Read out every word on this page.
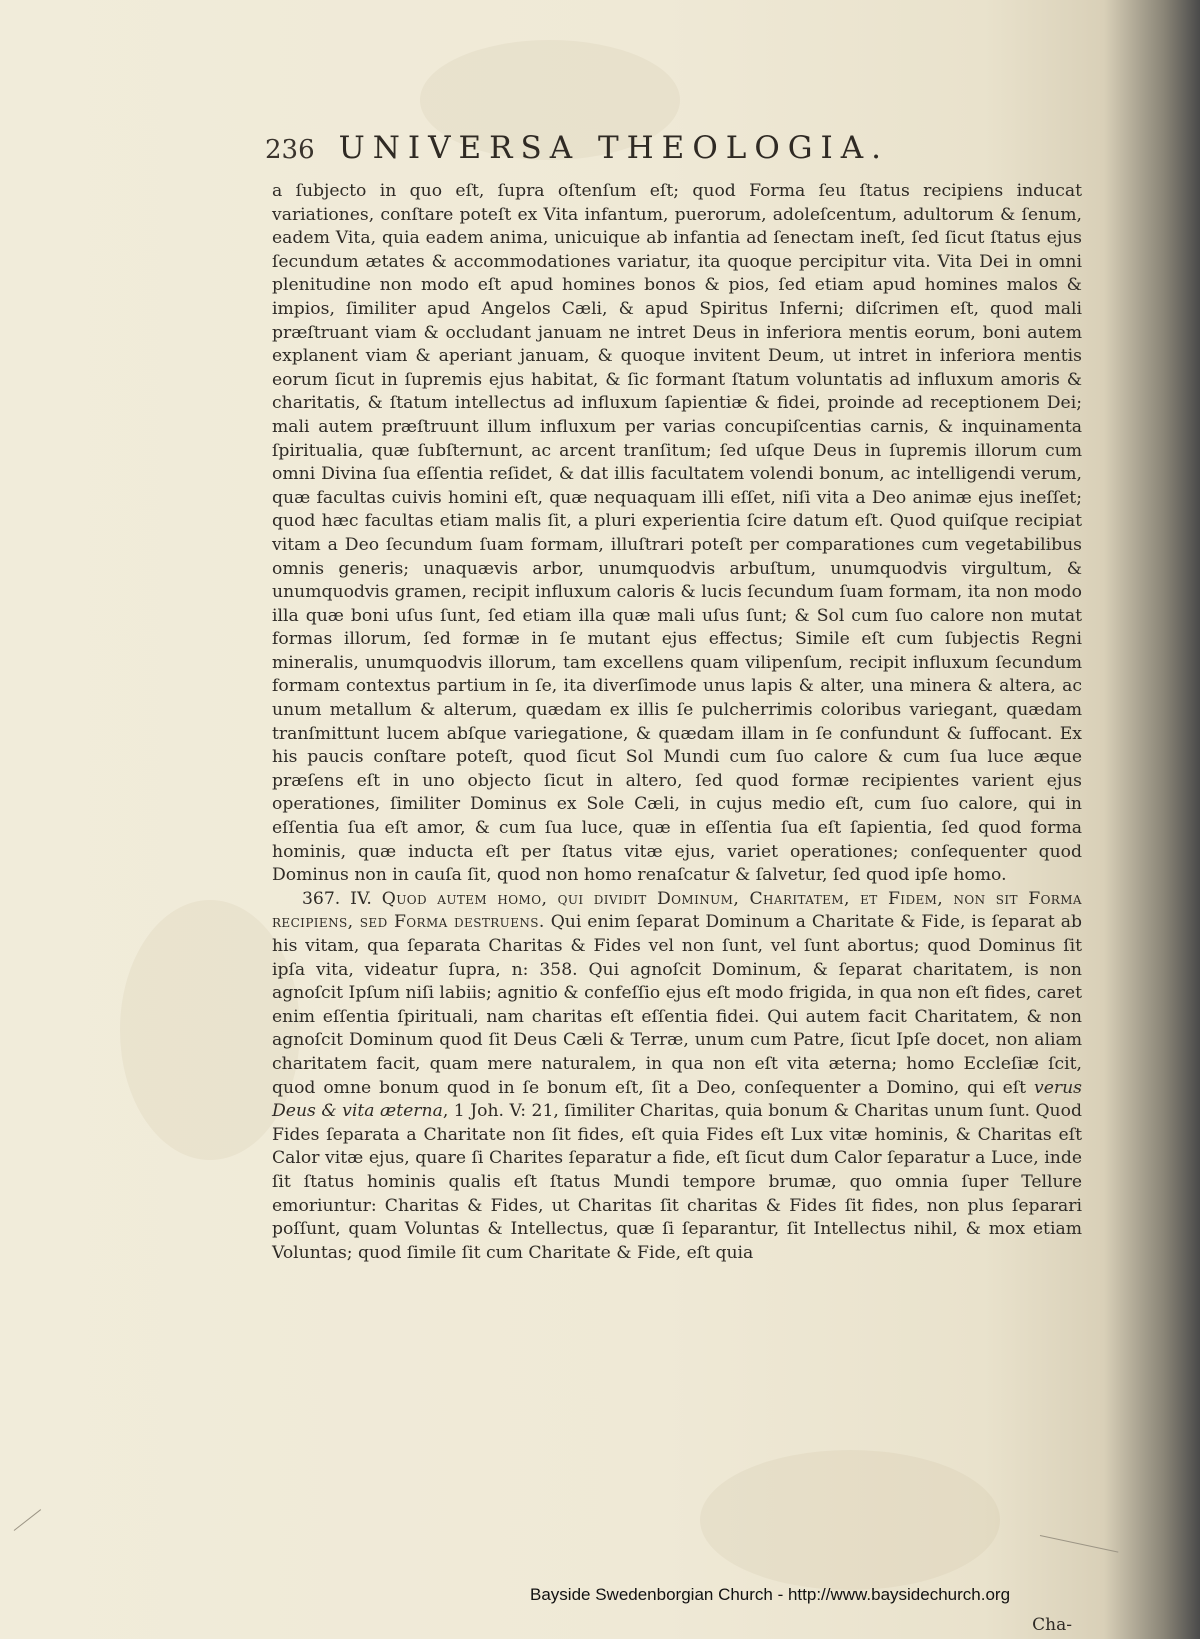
236 UNIVERSA THEOLOGIA.

a ſubjecto in quo eſt, ſupra oſtenſum eſt; quod Forma ſeu ſtatus recipiens inducat variationes, conſtare poteſt ex Vita infantum, puerorum, adoleſcentum, adultorum & ſenum, eadem Vita, quia eadem anima, unicuique ab infantia ad ſenectam ineſt, ſed ſicut ſtatus ejus ſecundum ætates & accommodationes variatur, ita quoque percipitur vita. Vita Dei in omni plenitudine non modo eſt apud homines bonos & pios, ſed etiam apud homines malos & impios, ſimiliter apud Angelos Cæli, & apud Spiritus Inferni; diſcrimen eſt, quod mali præſtruant viam & occludant januam ne intret Deus in inferiora mentis eorum, boni autem explanent viam & aperiant januam, & quoque invitent Deum, ut intret in inferiora mentis eorum ſicut in ſupremis ejus habitat, & ſic formant ſtatum voluntatis ad influxum amoris & charitatis, & ſtatum intellectus ad influxum ſapientiæ & fidei, proinde ad receptionem Dei; mali autem præſtruunt illum influxum per varias concupiſcentias carnis, & inquinamenta ſpiritualia, quæ ſubſternunt, ac arcent tranſitum; ſed uſque Deus in ſupremis illorum cum omni Divina ſua eſſentia reſidet, & dat illis facultatem volendi bonum, ac intelligendi verum, quæ facultas cuivis homini eſt, quæ nequaquam illi eſſet, niſi vita a Deo animæ ejus ineſſet; quod hæc facultas etiam malis ſit, a pluri experientia ſcire datum eſt. Quod quiſque recipiat vitam a Deo ſecundum ſuam formam, illuſtrari poteſt per comparationes cum vegetabilibus omnis generis; unaquævis arbor, unumquodvis arbuſtum, unumquodvis virgultum, & unumquodvis gramen, recipit influxum caloris & lucis ſecundum ſuam formam, ita non modo illa quæ boni uſus ſunt, ſed etiam illa quæ mali uſus ſunt; & Sol cum ſuo calore non mutat formas illorum, ſed formæ in ſe mutant ejus effectus; Simile eſt cum ſubjectis Regni mineralis, unumquodvis illorum, tam excellens quam vilipenſum, recipit influxum ſecundum formam contextus partium in ſe, ita diverſimode unus lapis & alter, una minera & altera, ac unum metallum & alterum, quædam ex illis ſe pulcherrimis coloribus variegant, quædam tranſmittunt lucem abſque variegatione, & quædam illam in ſe confundunt & ſuffocant. Ex his paucis conſtare poteſt, quod ſicut Sol Mundi cum ſuo calore & cum ſua luce æque præſens eſt in uno objecto ſicut in altero, ſed quod formæ recipientes varient ejus operationes, ſimiliter Dominus ex Sole Cæli, in cujus medio eſt, cum ſuo calore, qui in eſſentia ſua eſt amor, & cum ſua luce, quæ in eſſentia ſua eſt ſapientia, ſed quod forma hominis, quæ inducta eſt per ſtatus vitæ ejus, variet operationes; conſequenter quod Dominus non in cauſa ſit, quod non homo renaſcatur & ſalvetur, ſed quod ipſe homo.

367. IV. Quod autem homo, qui dividit Dominum, Charitatem, et Fidem, non sit Forma recipiens, sed Forma destruens. Qui enim ſeparat Dominum a Charitate & Fide, is ſeparat ab his vitam, qua ſeparata Charitas & Fides vel non ſunt, vel ſunt abortus; quod Dominus ſit ipſa vita, videatur ſupra, n: 358. Qui agnoſcit Dominum, & ſeparat charitatem, is non agnoſcit Ipſum niſi labiis; agnitio & confeſſio ejus eſt modo frigida, in qua non eſt fides, caret enim eſſentia ſpirituali, nam charitas eſt eſſentia fidei. Qui autem facit Charitatem, & non agnoſcit Dominum quod ſit Deus Cæli & Terræ, unum cum Patre, ſicut Ipſe docet, non aliam charitatem facit, quam mere naturalem, in qua non eſt vita æterna; homo Eccleſiæ ſcit, quod omne bonum quod in ſe bonum eſt, ſit a Deo, conſequenter a Domino, qui eſt verus Deus & vita æterna, 1 Joh. V: 21, ſimiliter Charitas, quia bonum & Charitas unum ſunt. Quod Fides ſeparata a Charitate non ſit fides, eſt quia Fides eſt Lux vitæ hominis, & Charitas eſt Calor vitæ ejus, quare ſi Charites ſeparatur a fide, eſt ſicut dum Calor ſeparatur a Luce, inde ſit ſtatus hominis qualis eſt ſtatus Mundi tempore brumæ, quo omnia ſuper Tellure emoriuntur: Charitas & Fides, ut Charitas ſit charitas & Fides ſit fides, non plus ſeparari poſſunt, quam Voluntas & Intellectus, quæ ſi ſeparantur, ſit Intellectus nihil, & mox etiam Voluntas; quod ſimile ſit cum Charitate & Fide, eſt quia

Cha-
Bayside Swedenborgian Church - http://www.baysidechurch.org
